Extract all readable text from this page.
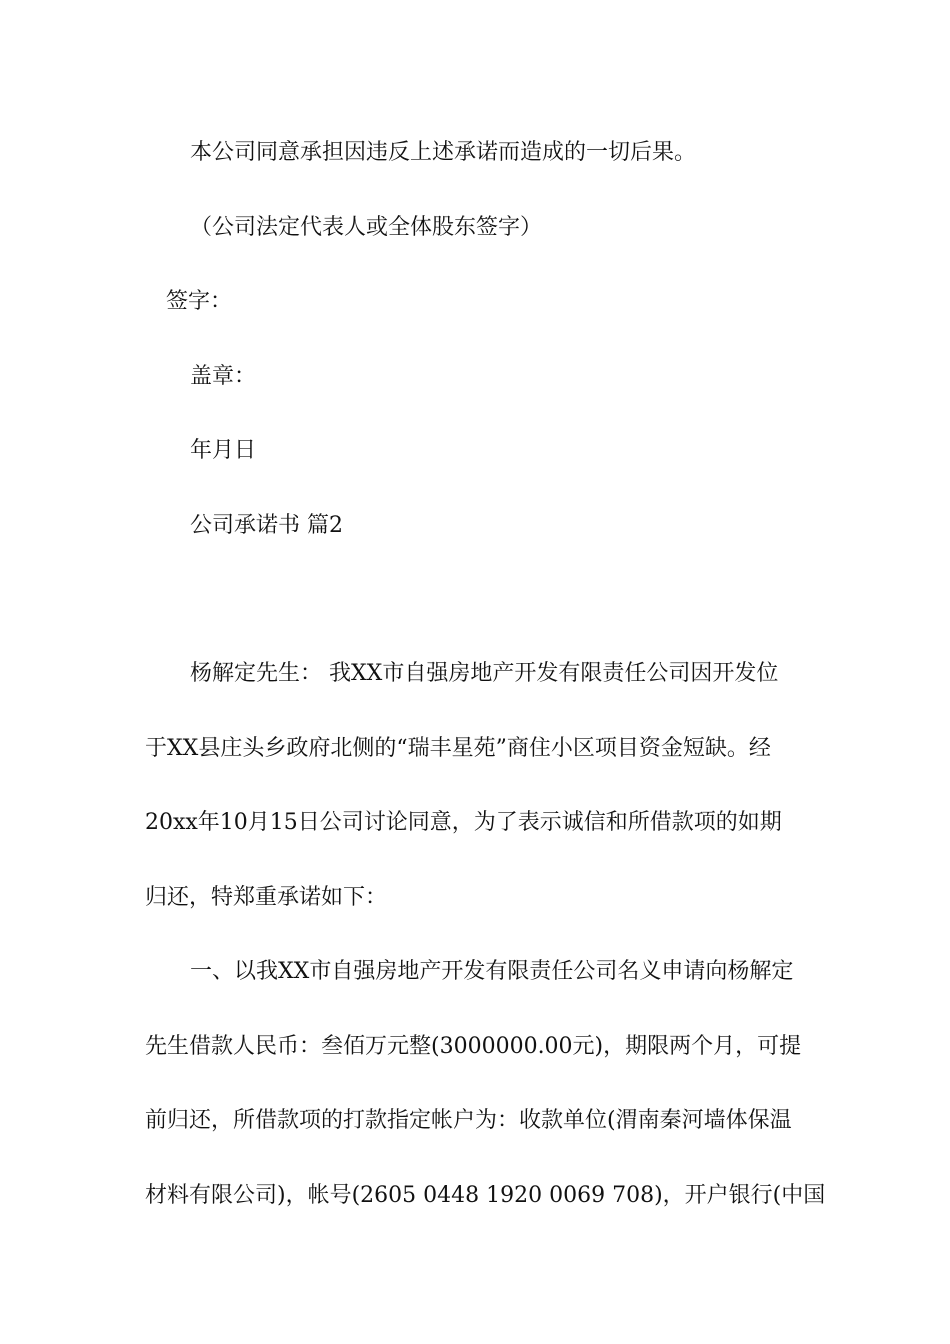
本公司同意承担因违反上述承诺而造成的一切后果。
（公司法定代表人或全体股东签字）
签字：
盖章：
年月日
公司承诺书 篇2
杨解定先生： 我XX市自强房地产开发有限责任公司因开发位
于XX县庄头乡政府北侧的“瑞丰星苑”商住小区项目资金短缺。经
20xx年10月15日公司讨论同意，为了表示诚信和所借款项的如期
归还，特郑重承诺如下：
一、以我XX市自强房地产开发有限责任公司名义申请向杨解定
先生借款人民币：叁佰万元整(3000000.00元)，期限两个月，可提
前归还，所借款项的打款指定帐户为：收款单位(渭南秦河墙体保温
材料有限公司)，帐号(2605 0448 1920 0069 708)，开户银行(中国
